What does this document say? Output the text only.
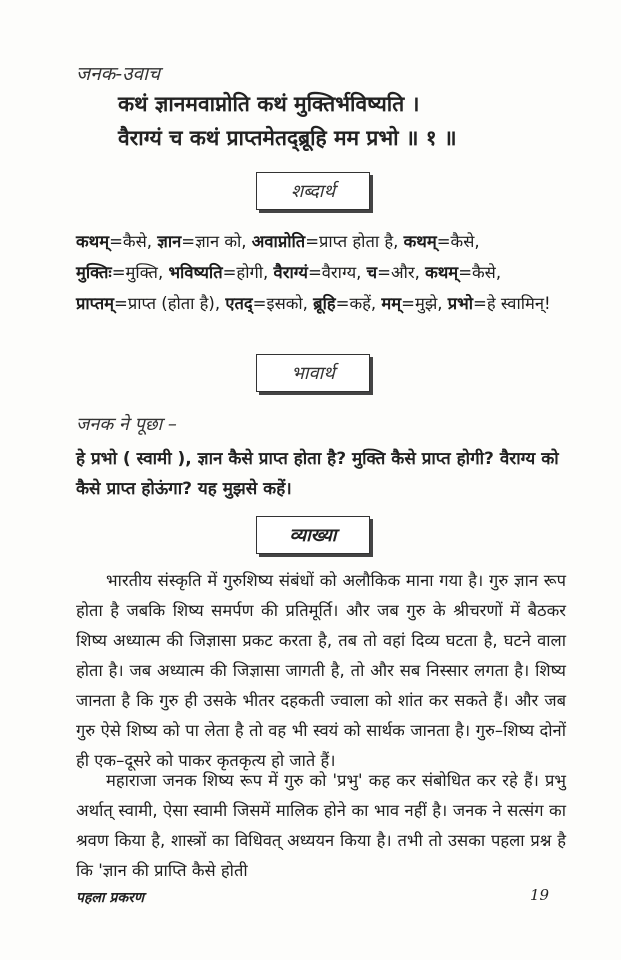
जनक-उवाच
कथं ज्ञानमवाप्नोति कथं मुक्तिर्भविष्यति ।
वैराग्यं च कथं प्राप्तमेतद्ब्रूहि मम प्रभो ॥ १ ॥
शब्दार्थ
कथम्=कैसे, ज्ञान=ज्ञान को, अवाप्नोति=प्राप्त होता है, कथम्=कैसे, मुक्तिः=मुक्ति, भविष्यति=होगी, वैराग्यं=वैराग्य, च=और, कथम्=कैसे, प्राप्तम्=प्राप्त (होता है), एतद्=इसको, ब्रूहि=कहें, मम्=मुझे, प्रभो=हे स्वामिन्!
भावार्थ
जनक ने पूछा –
हे प्रभो ( स्वामी ), ज्ञान कैसे प्राप्त होता है? मुक्ति कैसे प्राप्त होगी? वैराग्य को कैसे प्राप्त होऊंगा? यह मुझसे कहें।
व्याख्या
भारतीय संस्कृति में गुरुशिष्य संबंधों को अलौकिक माना गया है। गुरु ज्ञान रूप होता है जबकि शिष्य समर्पण की प्रतिमूर्ति। और जब गुरु के श्रीचरणों में बैठकर शिष्य अध्यात्म की जिज्ञासा प्रकट करता है, तब तो वहां दिव्य घटता है, घटने वाला होता है। जब अध्यात्म की जिज्ञासा जागती है, तो और सब निस्सार लगता है। शिष्य जानता है कि गुरु ही उसके भीतर दहकती ज्वाला को शांत कर सकते हैं। और जब गुरु ऐसे शिष्य को पा लेता है तो वह भी स्वयं को सार्थक जानता है। गुरु–शिष्य दोनों ही एक–दूसरे को पाकर कृतकृत्य हो जाते हैं।
महाराजा जनक शिष्य रूप में गुरु को 'प्रभु' कह कर संबोधित कर रहे हैं। प्रभु अर्थात् स्वामी, ऐसा स्वामी जिसमें मालिक होने का भाव नहीं है। जनक ने सत्संग का श्रवण किया है, शास्त्रों का विधिवत् अध्ययन किया है। तभी तो उसका पहला प्रश्न है कि 'ज्ञान की प्राप्ति कैसे होती
पहला प्रकरण	19
